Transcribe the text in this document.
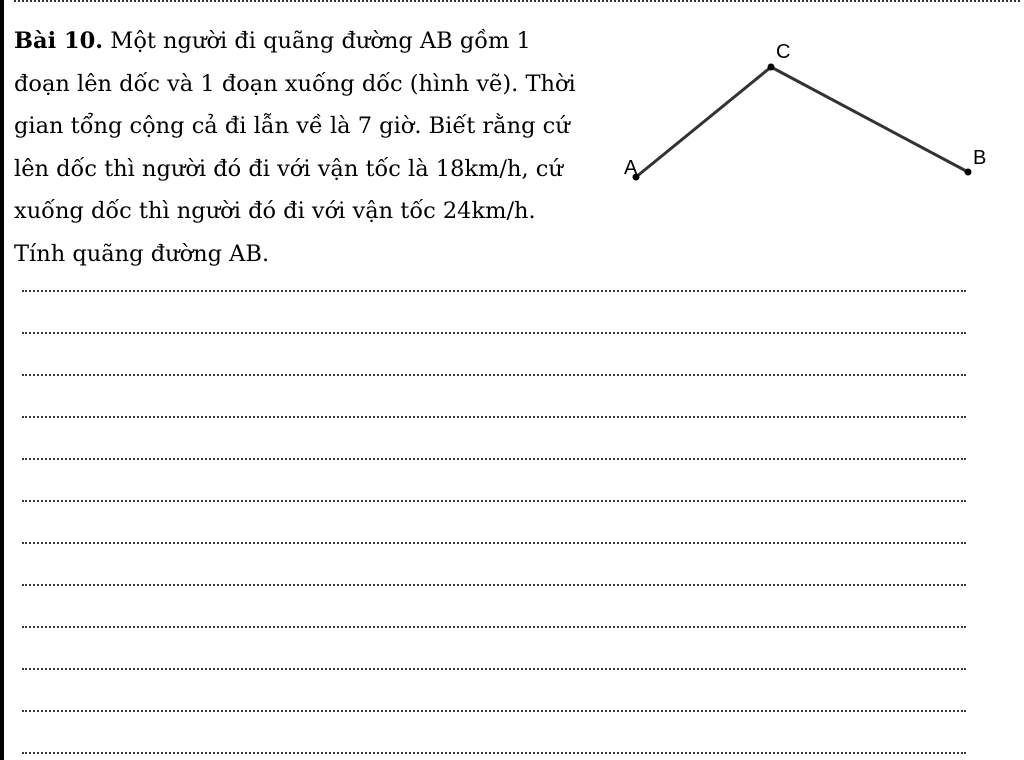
Bài 10. Một người đi quãng đường AB gồm 1
đoạn lên dốc và 1 đoạn xuống dốc (hình vẽ). Thời
gian tổng cộng cả đi lẫn về là 7 giờ. Biết rằng cứ
lên dốc thì người đó đi với vận tốc là 18km/h, cứ
xuống dốc thì người đó đi với vận tốc 24km/h.
Tính quãng đường AB.
A
C
B
